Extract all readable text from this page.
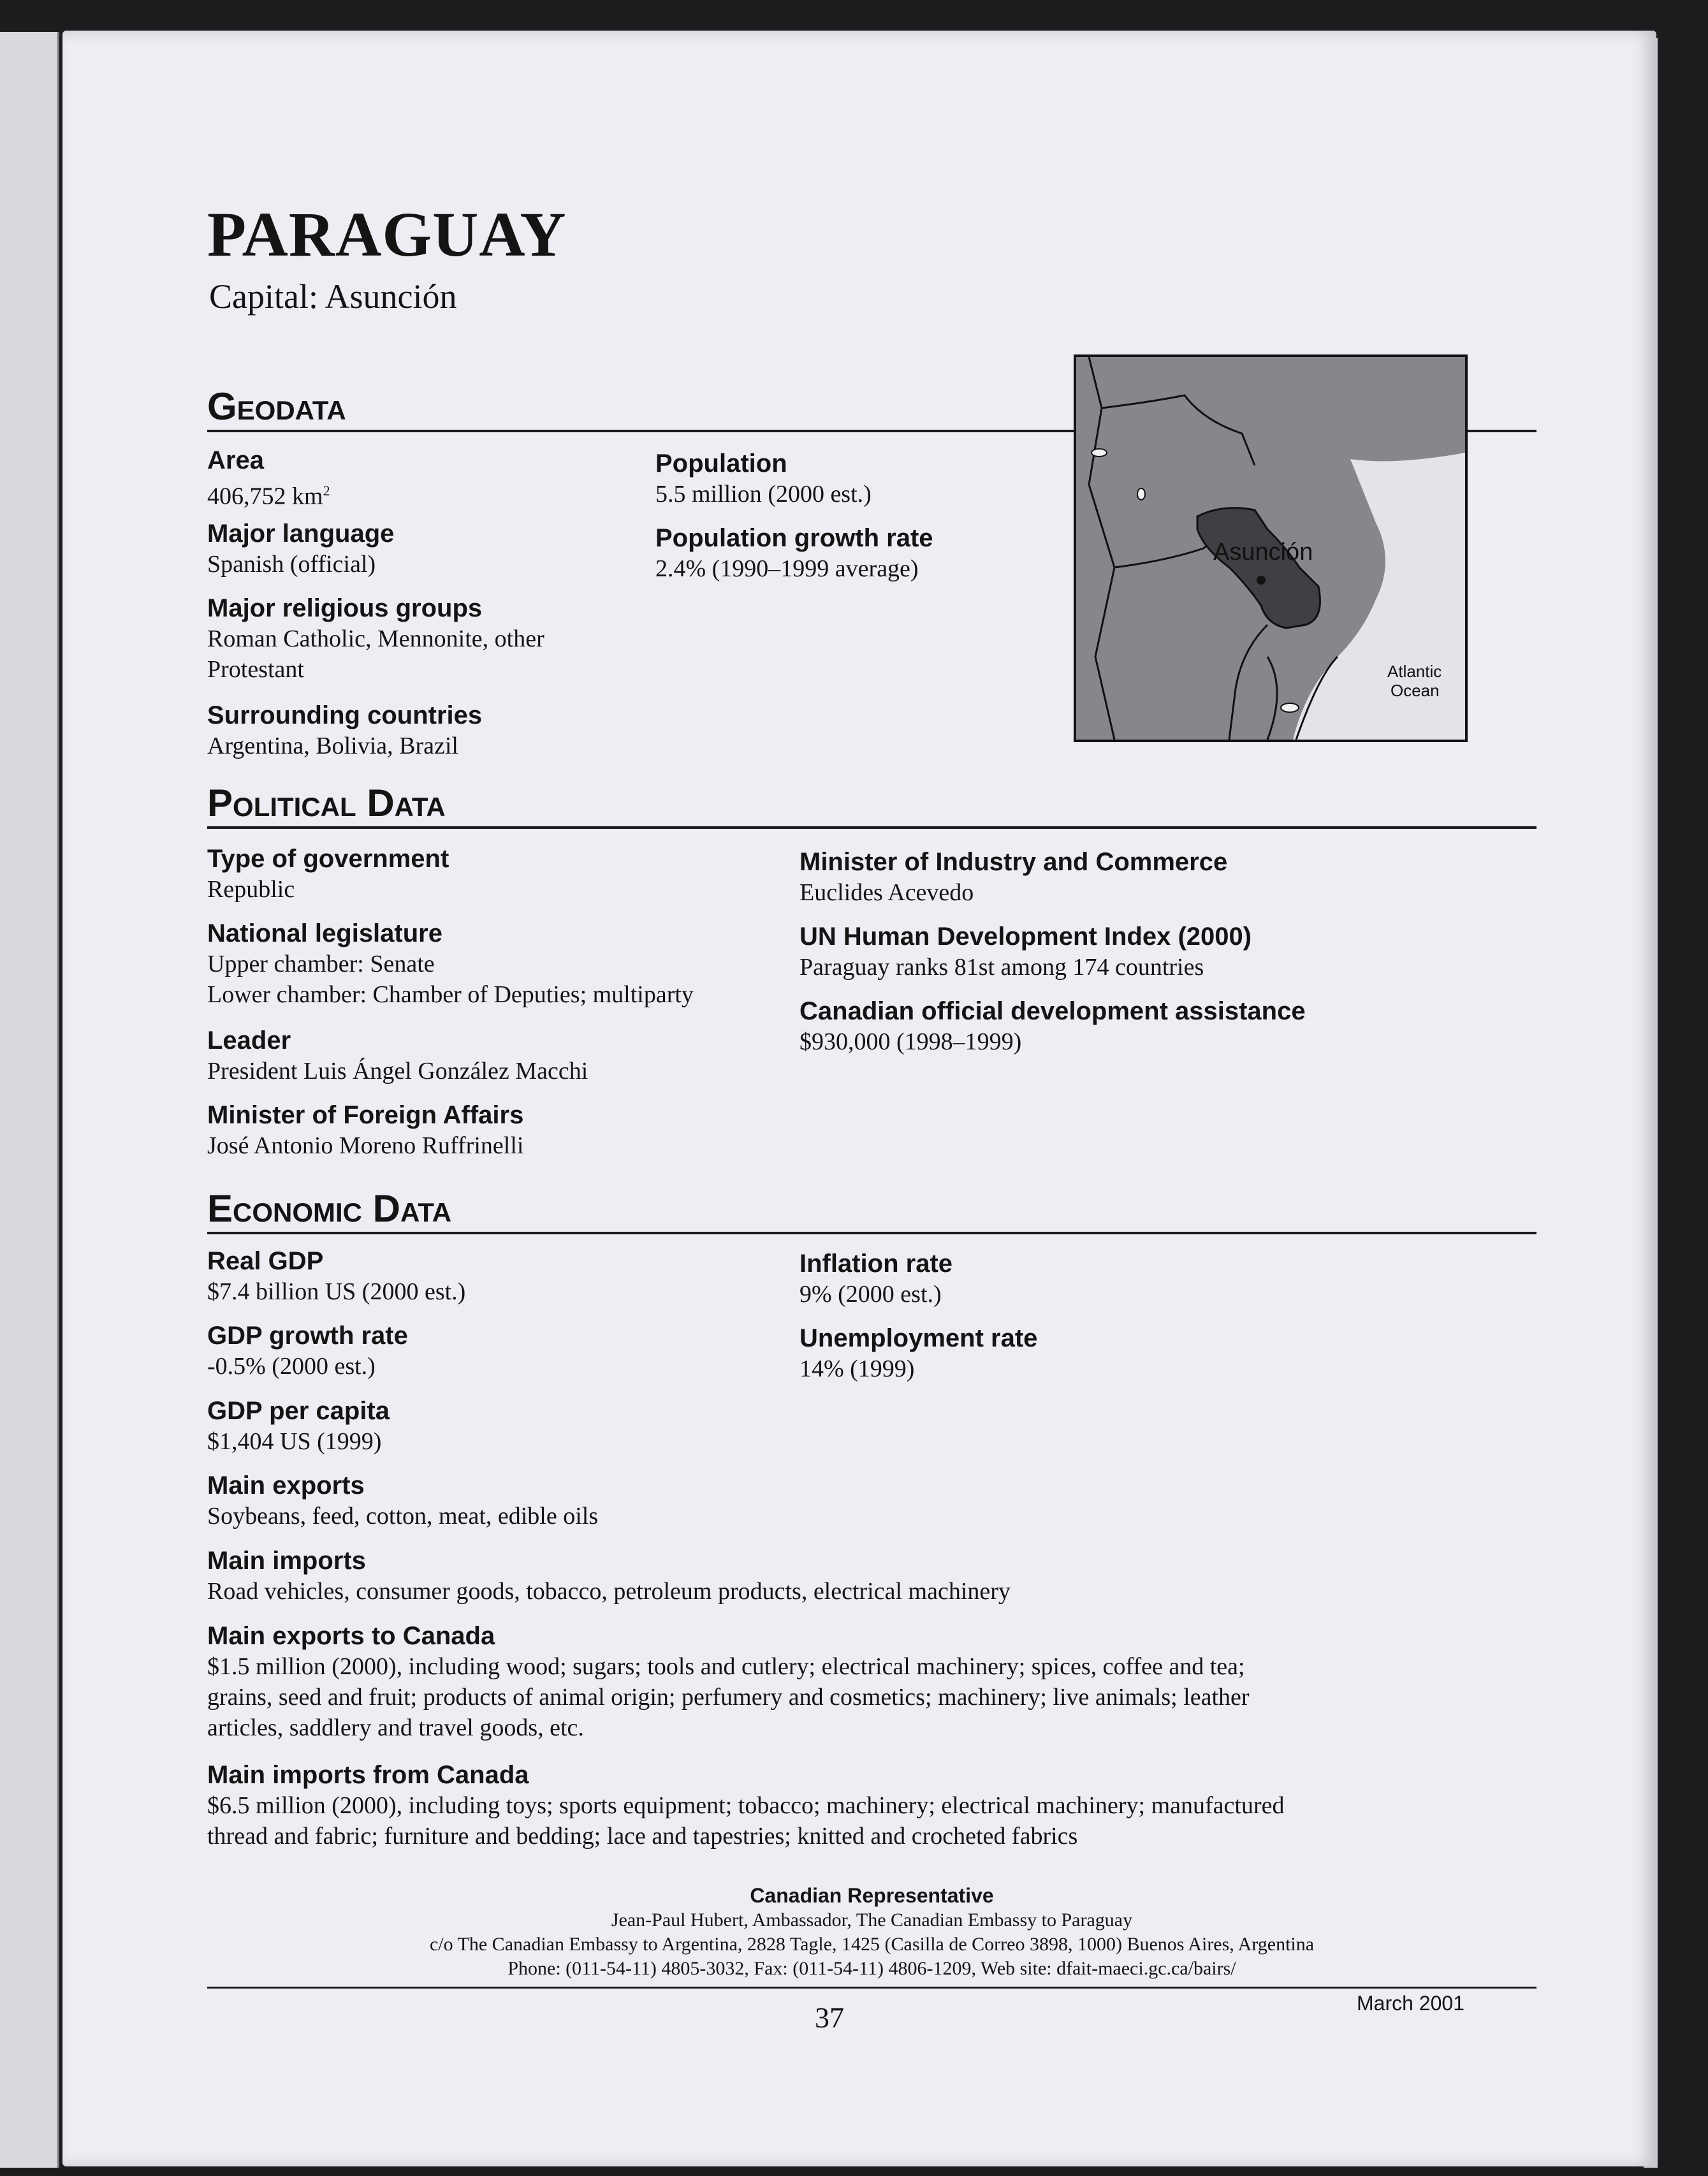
PARAGUAY
Capital: Asunción
Geodata
Area
406,752 $km^2$
Major language
Spanish (official)
Major religious groups
Roman Catholic, Mennonite, other
Protestant
Surrounding countries
Argentina, Bolivia, Brazil
Population
5.5 million (2000 est.)
Population growth rate
2.4% (1990–1999 average)
Asunción
Atlantic
Ocean
Political Data
Type of government
Republic
National legislature
Upper chamber: Senate
Lower chamber: Chamber of Deputies; multiparty
Leader
President Luis Ángel González Macchi
Minister of Foreign Affairs
José Antonio Moreno Ruffrinelli
Minister of Industry and Commerce
Euclides Acevedo
UN Human Development Index (2000)
Paraguay ranks 81st among 174 countries
Canadian official development assistance
$930,000 (1998–1999)
Economic Data
Real GDP
$7.4 billion US (2000 est.)
GDP growth rate
-0.5% (2000 est.)
GDP per capita
$1,404 US (1999)
Main exports
Soybeans, feed, cotton, meat, edible oils
Main imports
Road vehicles, consumer goods, tobacco, petroleum products, electrical machinery
Main exports to Canada
$1.5 million (2000), including wood; sugars; tools and cutlery; electrical machinery; spices, coffee and tea;
grains, seed and fruit; products of animal origin; perfumery and cosmetics; machinery; live animals; leather
articles, saddlery and travel goods, etc.
Main imports from Canada
$6.5 million (2000), including toys; sports equipment; tobacco; machinery; electrical machinery; manufactured
thread and fabric; furniture and bedding; lace and tapestries; knitted and crocheted fabrics
Inflation rate
9% (2000 est.)
Unemployment rate
14% (1999)
Canadian Representative
Jean-Paul Hubert, Ambassador, The Canadian Embassy to Paraguay
c/o The Canadian Embassy to Argentina, 2828 Tagle, 1425 (Casilla de Correo 3898, 1000) Buenos Aires, Argentina
Phone: (011-54-11) 4805-3032, Fax: (011-54-11) 4806-1209, Web site: dfait-maeci.gc.ca/bairs/
37	March 2001
